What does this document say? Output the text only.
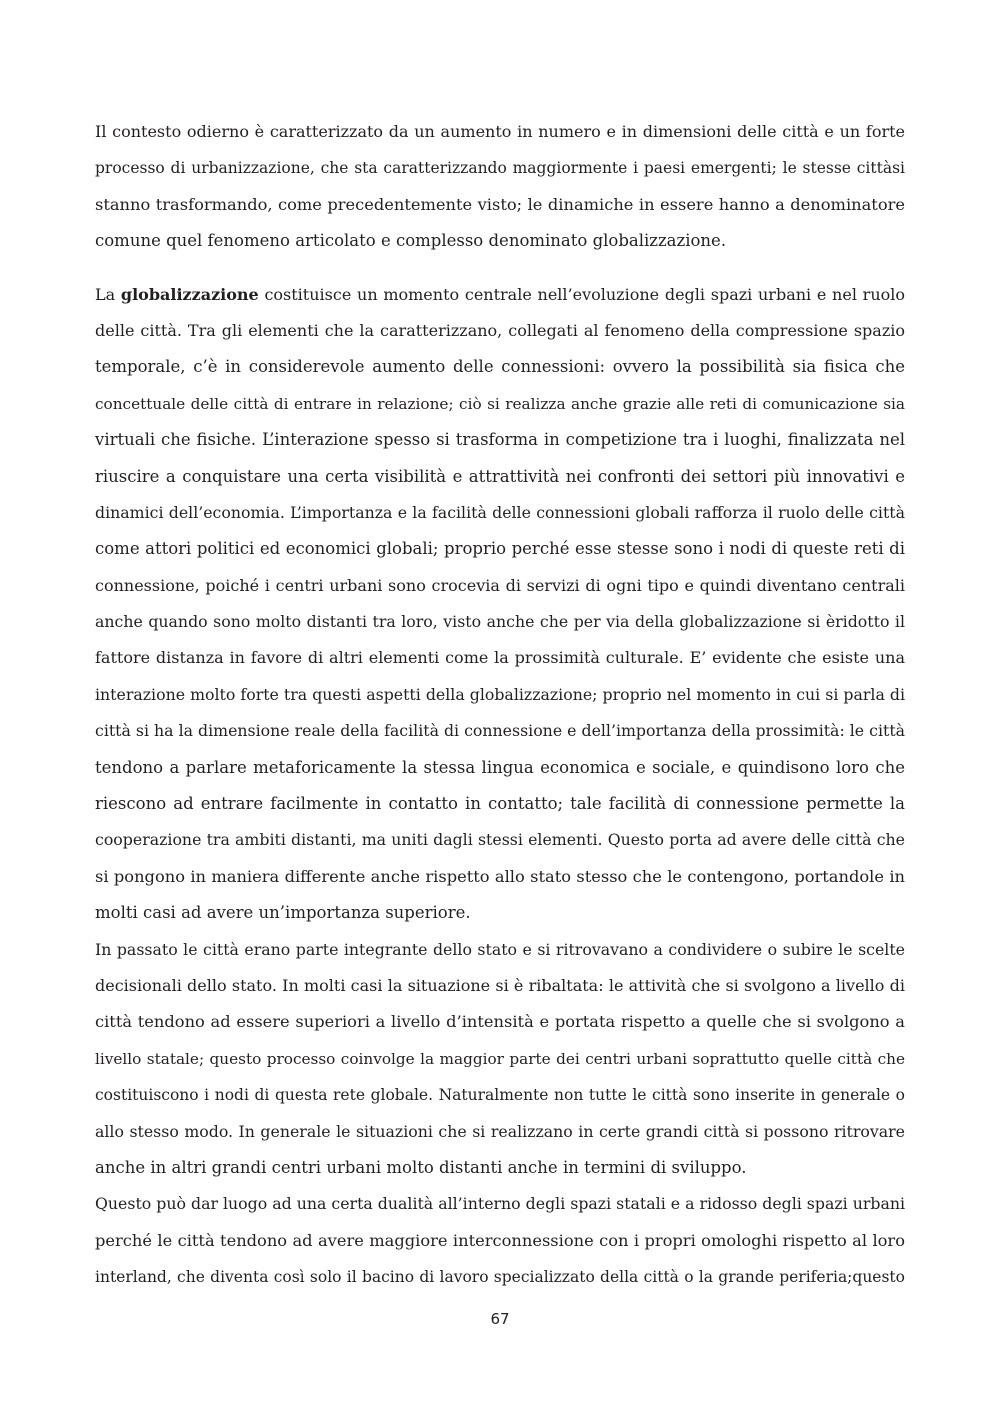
Il contesto odierno è caratterizzato da un aumento in numero e in dimensioni delle città e un forte
processo di urbanizzazione, che sta caratterizzando maggiormente i paesi emergenti; le stesse cittàsi
stanno trasformando, come precedentemente visto; le dinamiche in essere hanno a denominatore
comune quel fenomeno articolato e complesso denominato globalizzazione.
La globalizzazione costituisce un momento centrale nell’evoluzione degli spazi urbani e nel ruolo
delle città. Tra gli elementi che la caratterizzano, collegati al fenomeno della compressione spazio
temporale, c’è in considerevole aumento delle connessioni: ovvero la possibilità sia fisica che
concettuale delle città di entrare in relazione; ciò si realizza anche grazie alle reti di comunicazione sia
virtuali che fisiche. L’interazione spesso si trasforma in competizione tra i luoghi, finalizzata nel
riuscire a conquistare una certa visibilità e attrattività nei confronti dei settori più innovativi e
dinamici dell’economia. L’importanza e la facilità delle connessioni globali rafforza il ruolo delle città
come attori politici ed economici globali; proprio perché esse stesse sono i nodi di queste reti di
connessione, poiché i centri urbani sono crocevia di servizi di ogni tipo e quindi diventano centrali
anche quando sono molto distanti tra loro, visto anche che per via della globalizzazione si èridotto il
fattore distanza in favore di altri elementi come la prossimità culturale. E’ evidente che esiste una
interazione molto forte tra questi aspetti della globalizzazione; proprio nel momento in cui si parla di
città si ha la dimensione reale della facilità di connessione e dell’importanza della prossimità: le città
tendono a parlare metaforicamente la stessa lingua economica e sociale, e quindisono loro che
riescono ad entrare facilmente in contatto in contatto; tale facilità di connessione permette la
cooperazione tra ambiti distanti, ma uniti dagli stessi elementi. Questo porta ad avere delle città che
si pongono in maniera differente anche rispetto allo stato stesso che le contengono, portandole in
molti casi ad avere un’importanza superiore.
In passato le città erano parte integrante dello stato e si ritrovavano a condividere o subire le scelte
decisionali dello stato. In molti casi la situazione si è ribaltata: le attività che si svolgono a livello di
città tendono ad essere superiori a livello d’intensità e portata rispetto a quelle che si svolgono a
livello statale; questo processo coinvolge la maggior parte dei centri urbani soprattutto quelle città che
costituiscono i nodi di questa rete globale. Naturalmente non tutte le città sono inserite in generale o
allo stesso modo. In generale le situazioni che si realizzano in certe grandi città si possono ritrovare
anche in altri grandi centri urbani molto distanti anche in termini di sviluppo.
Questo può dar luogo ad una certa dualità all’interno degli spazi statali e a ridosso degli spazi urbani
perché le città tendono ad avere maggiore interconnessione con i propri omologhi rispetto al loro
interland, che diventa così solo il bacino di lavoro specializzato della città o la grande periferia;questo
67
